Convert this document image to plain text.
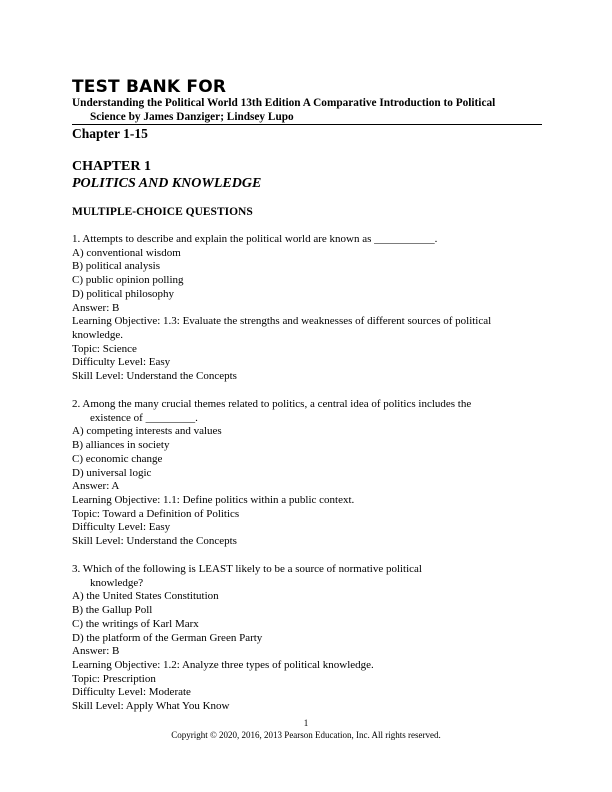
TEST BANK FOR
Understanding the Political World 13th Edition A Comparative Introduction to Political
Science by James Danziger; Lindsey Lupo
Chapter 1-15
CHAPTER 1
POLITICS AND KNOWLEDGE
MULTIPLE-CHOICE QUESTIONS
1. Attempts to describe and explain the political world are known as ___________.
A) conventional wisdom
B) political analysis
C) public opinion polling
D) political philosophy
Answer: B
Learning Objective: 1.3: Evaluate the strengths and weaknesses of different sources of political knowledge.
Topic: Science
Difficulty Level: Easy
Skill Level: Understand the Concepts
2. Among the many crucial themes related to politics, a central idea of politics includes the
existence of _________.
A) competing interests and values
B) alliances in society
C) economic change
D) universal logic
Answer: A
Learning Objective: 1.1: Define politics within a public context.
Topic: Toward a Definition of Politics
Difficulty Level: Easy
Skill Level: Understand the Concepts
3. Which of the following is LEAST likely to be a source of normative political
knowledge?
A) the United States Constitution
B) the Gallup Poll
C) the writings of Karl Marx
D) the platform of the German Green Party
Answer: B
Learning Objective: 1.2: Analyze three types of political knowledge.
Topic: Prescription
Difficulty Level: Moderate
Skill Level: Apply What You Know
1
Copyright © 2020, 2016, 2013 Pearson Education, Inc. All rights reserved.
